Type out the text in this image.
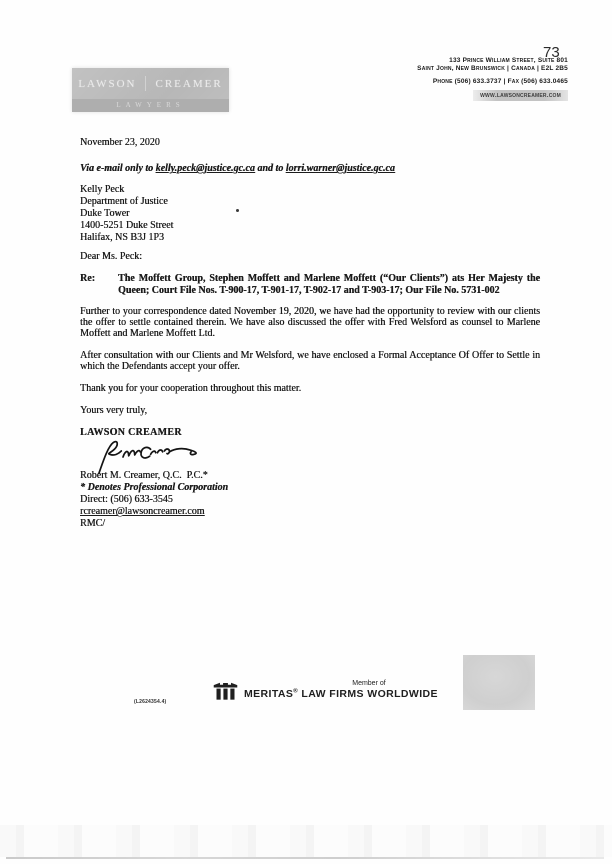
73
LAWSON CREAMER
LAWYERS
133 Prince William Street, Suite 801
Saint John, New Brunswick | Canada | E2L 2B5
Phone (506) 633.3737 | Fax (506) 633.0465
www.lawsoncreamer.com
November 23, 2020
Via e-mail only to kelly.peck@justice.gc.ca and to lorri.warner@justice.gc.ca
Kelly Peck
Department of Justice
Duke Tower
1400-5251 Duke Street
Halifax, NS B3J 1P3
Dear Ms. Peck:
Re:	The Moffett Group, Stephen Moffett and Marlene Moffett (“Our Clients”) ats Her Majesty the Queen; Court File Nos. T-900-17, T-901-17, T-902-17 and T-903-17; Our File No. 5731-002

Further to your correspondence dated November 19, 2020, we have had the opportunity to review with our clients the offer to settle contained therein. We have also discussed the offer with Fred Welsford as counsel to Marlene Moffett and Marlene Moffett Ltd.

After consultation with our Clients and Mr Welsford, we have enclosed a Formal Acceptance Of Offer to Settle in which the Defendants accept your offer.

Thank you for your cooperation throughout this matter.

Yours very truly,
LAWSON CREAMER
Robert M. Creamer, Q.C.  P.C.*
* Denotes Professional Corporation
Direct: (506) 633-3545
rcreamer@lawsoncreamer.com
RMC/
(L2624354.4)
Member of
MERITAS® LAW FIRMS WORLDWIDE
